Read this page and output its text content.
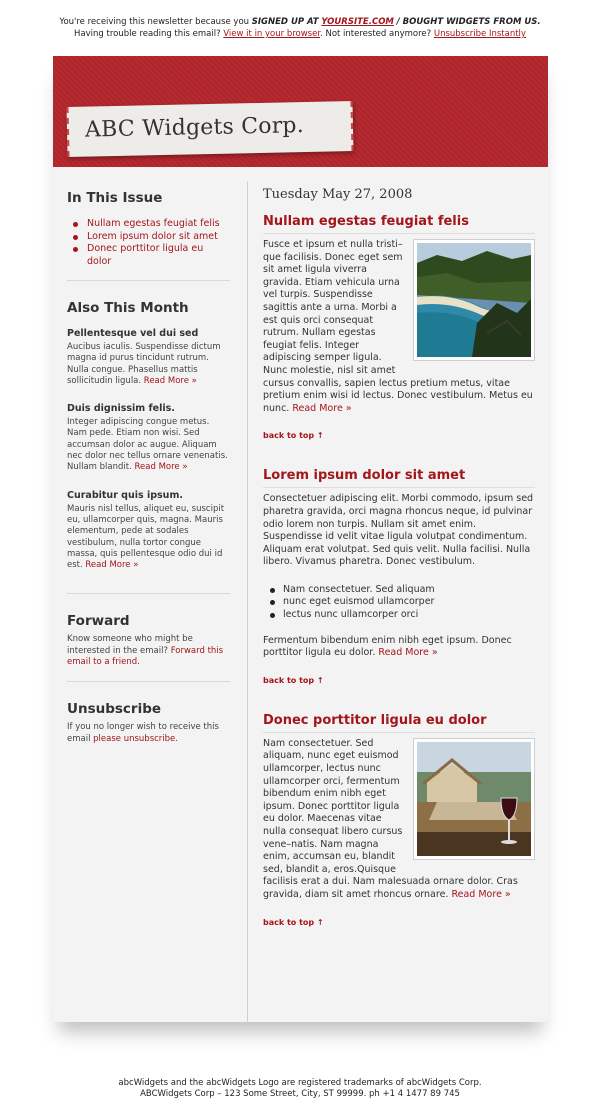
You're receiving this newsletter because you SIGNED UP AT YOURSITE.COM / BOUGHT WIDGETS FROM US.
Having trouble reading this email? View it in your browser. Not interested anymore? Unsubscribe Instantly
ABC Widgets Corp.
In This Issue
Nullam egestas feugiat felis
Lorem ipsum dolor sit amet
Donec porttitor ligula eu dolor
Also This Month
Pellentesque vel dui sed

Aucibus iaculis. Suspendisse dictum magna id purus tincidunt rutrum. Nulla congue. Phasellus mattis sollicitudin ligula. Read More »

Duis dignissim felis.

Integer adipiscing congue metus. Nam pede. Etiam non wisi. Sed accumsan dolor ac augue. Aliquam nec dolor nec tellus ornare venenatis. Nullam blandit. Read More »

Curabitur quis ipsum.

Mauris nisl tellus, aliquet eu, suscipit eu, ullamcorper quis, magna. Mauris elementum, pede at sodales vestibulum, nulla tortor congue massa, quis pellentesque odio dui id est. Read More »

Forward

Know someone who might be interested in the email? Forward this email to a friend.

Unsubscribe

If you no longer wish to receive this email please unsubscribe.

Tuesday May 27, 2008
Nullam egestas feugiat felis

Fusce et ipsum et nulla tristi–que facilisis. Donec eget sem sit amet ligula viverra gravida. Etiam vehicula urna vel turpis. Suspendisse sagittis ante a urna. Morbi a est quis orci consequat rutrum. Nullam egestas feugiat felis. Integer adipiscing semper ligula. Nunc molestie, nisl sit amet cursus convallis, sapien lectus pretium metus, vitae pretium enim wisi id lectus. Donec vestibulum. Metus eu nunc. Read More »

back to top ↑
Lorem ipsum dolor sit amet

Consectetuer adipiscing elit. Morbi commodo, ipsum sed pharetra gravida, orci magna rhoncus neque, id pulvinar odio lorem non turpis. Nullam sit amet enim. Suspendisse id velit vitae ligula volutpat condimentum. Aliquam erat volutpat. Sed quis velit. Nulla facilisi. Nulla libero. Vivamus pharetra. Donec vestibulum.

Nam consectetuer. Sed aliquam
nunc eget euismod ullamcorper
lectus nunc ullamcorper orci

Fermentum bibendum enim nibh eget ipsum. Donec porttitor ligula eu dolor. Read More »

back to top ↑
Donec porttitor ligula eu dolor

Nam consectetuer. Sed aliquam, nunc eget euismod ullamcorper, lectus nunc ullamcorper orci, fermentum bibendum enim nibh eget ipsum. Donec porttitor ligula eu dolor. Maecenas vitae nulla consequat libero cursus vene–natis. Nam magna enim, accumsan eu, blandit sed, blandit a, eros.Quisque facilisis erat a dui. Nam malesuada ornare dolor. Cras gravida, diam sit amet rhoncus ornare. Read More »

back to top ↑
abcWidgets and the abcWidgets Logo are registered trademarks of abcWidgets Corp.
ABCWidgets Corp – 123 Some Street, City, ST 99999. ph +1 4 1477 89 745
